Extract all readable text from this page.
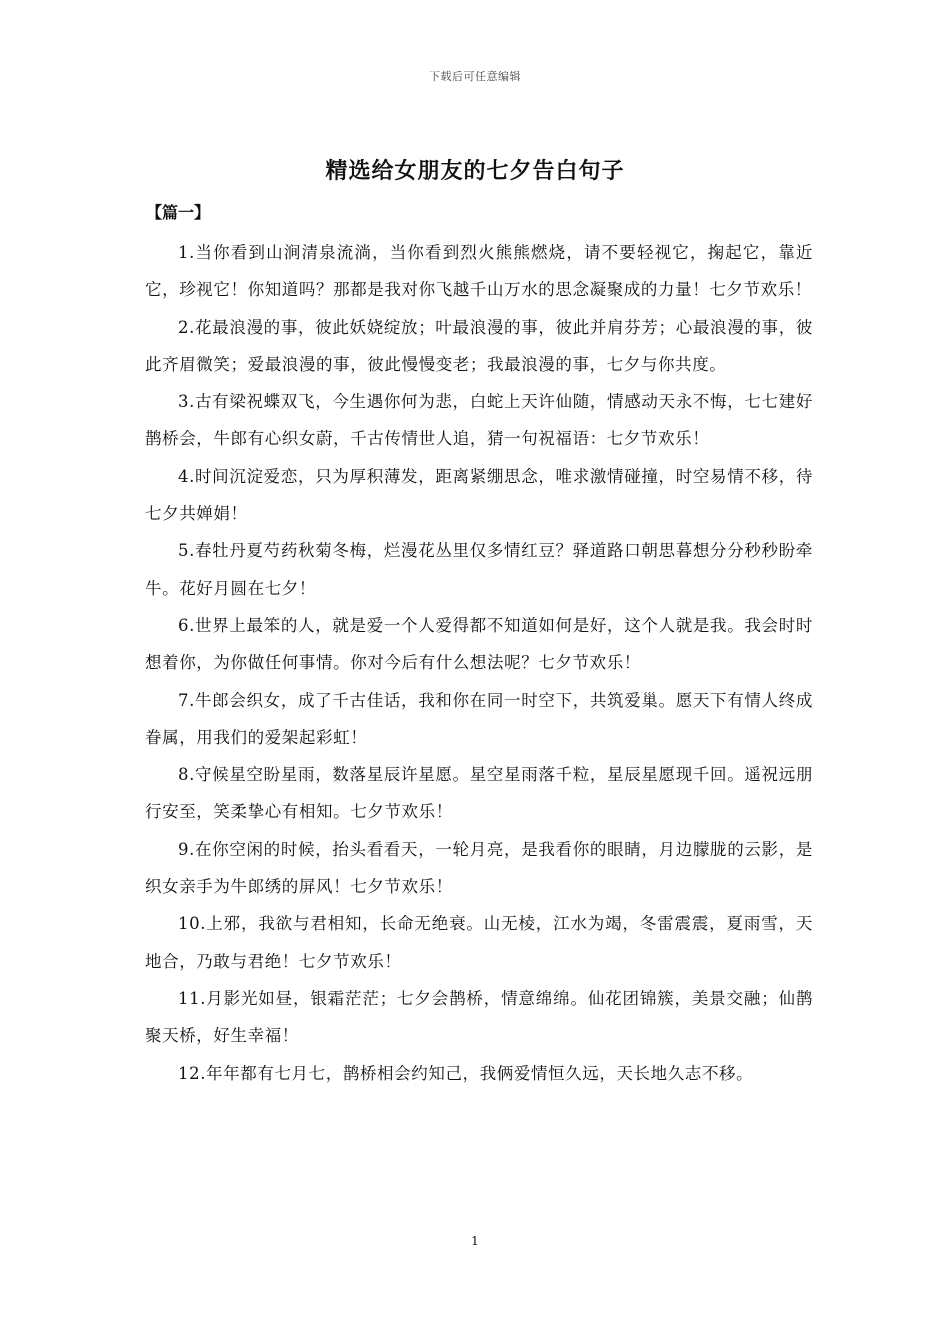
下载后可任意编辑
精选给女朋友的七夕告白句子
【篇一】

1.当你看到山涧清泉流淌，当你看到烈火熊熊燃烧，请不要轻视它，掬起它，靠近它，珍视它！你知道吗？那都是我对你飞越千山万水的思念凝聚成的力量！七夕节欢乐！

2.花最浪漫的事，彼此妖娆绽放；叶最浪漫的事，彼此并肩芬芳；心最浪漫的事，彼此齐眉微笑；爱最浪漫的事，彼此慢慢变老；我最浪漫的事，七夕与你共度。

3.古有梁祝蝶双飞，今生遇你何为悲，白蛇上天许仙随，情感动天永不悔，七七建好鹊桥会，牛郎有心织女蔚，千古传情世人追，猜一句祝福语：七夕节欢乐！

4.时间沉淀爱恋，只为厚积薄发，距离紧绷思念，唯求激情碰撞，时空易情不移，待七夕共婵娟！

5.春牡丹夏芍药秋菊冬梅，烂漫花丛里仅多情红豆？驿道路口朝思暮想分分秒秒盼牵牛。花好月圆在七夕！

6.世界上最笨的人，就是爱一个人爱得都不知道如何是好，这个人就是我。我会时时想着你，为你做任何事情。你对今后有什么想法呢？七夕节欢乐！

7.牛郎会织女，成了千古佳话，我和你在同一时空下，共筑爱巢。愿天下有情人终成眷属，用我们的爱架起彩虹！

8.守候星空盼星雨，数落星辰许星愿。星空星雨落千粒，星辰星愿现千回。遥祝远朋行安至，笑柔挚心有相知。七夕节欢乐！

9.在你空闲的时候，抬头看看天，一轮月亮，是我看你的眼睛，月边朦胧的云影，是织女亲手为牛郎绣的屏风！七夕节欢乐！

10.上邪，我欲与君相知，长命无绝衰。山无棱，江水为竭，冬雷震震，夏雨雪，天地合，乃敢与君绝！七夕节欢乐！

11.月影光如昼，银霜茫茫；七夕会鹊桥，情意绵绵。仙花团锦簇，美景交融；仙鹊聚天桥，好生幸福！

12.年年都有七月七，鹊桥相会约知己，我俩爱情恒久远，天长地久志不移。

1
